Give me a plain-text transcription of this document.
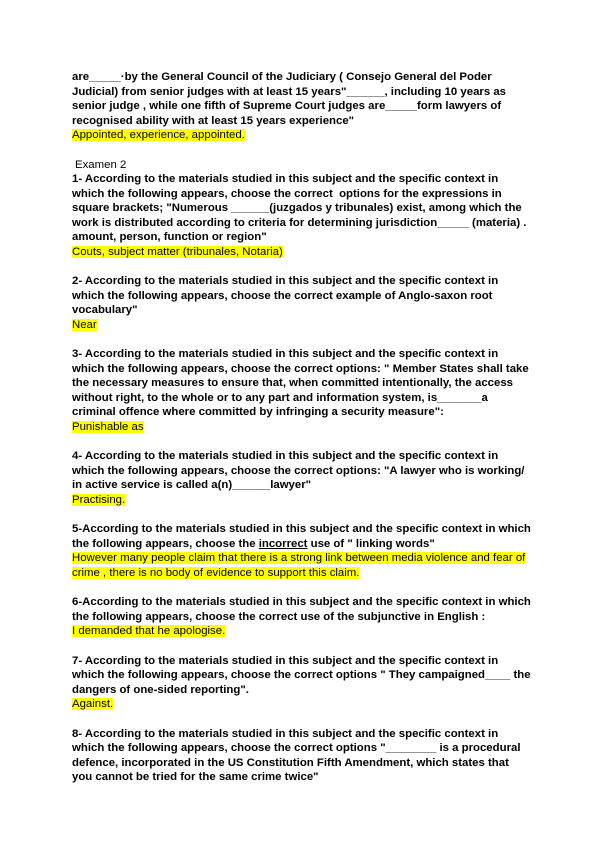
are_____·by the General Council of the Judiciary ( Consejo General del Poder Judicial) from senior judges with at least 15 years"______, including 10 years as senior judge , while one fifth of Supreme Court judges are_____form lawyers of recognised ability with at least 15 years experience"

Appointed, experience, appointed.

Examen 2

1- According to the materials studied in this subject and the specific context in which the following appears, choose the correct  options for the expressions in square brackets; "Numerous ______(juzgados y tribunales) exist, among which the work is distributed according to criteria for determining jurisdiction_____ (materia) . amount, person, function or region"

Couts, subject matter (tribunales, Notaria)

2- According to the materials studied in this subject and the specific context in which the following appears, choose the correct example of Anglo-saxon root vocabulary"

Near

3- According to the materials studied in this subject and the specific context in which the following appears, choose the correct options: " Member States shall take the necessary measures to ensure that, when committed intentionally, the access without right, to the whole or to any part and information system, is_______a criminal offence where committed by infringing a security measure":

Punishable as

4- According to the materials studied in this subject and the specific context in which the following appears, choose the correct options: "A lawyer who is working/ in active service is called a(n)______lawyer"

Practising.

5-According to the materials studied in this subject and the specific context in which the following appears, choose the incorrect use of " linking words"

However many people claim that there is a strong link between media violence and fear of crime , there is no body of evidence to support this claim.

6-According to the materials studied in this subject and the specific context in which the following appears, choose the correct use of the subjunctive in English :

I demanded that he apologise.

7- According to the materials studied in this subject and the specific context in which the following appears, choose the correct options " They campaigned____ the dangers of one-sided reporting".

Against.

8- According to the materials studied in this subject and the specific context in which the following appears, choose the correct options "________ is a procedural defence, incorporated in the US Constitution Fifth Amendment, which states that you cannot be tried for the same crime twice"
